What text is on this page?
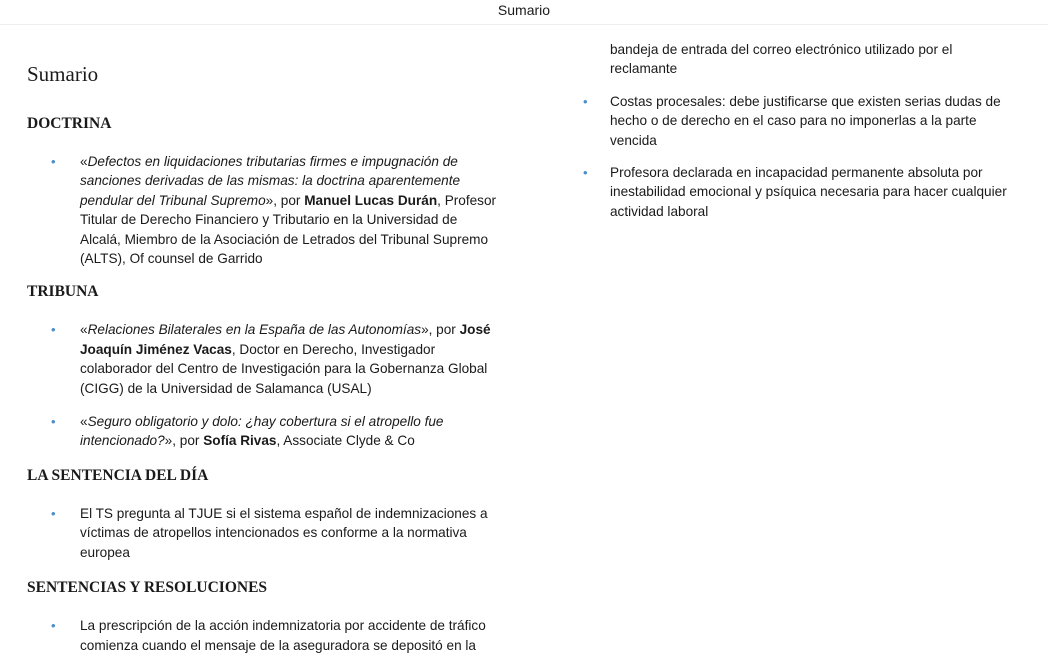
Sumario
Sumario
DOCTRINA
• «Defectos en liquidaciones tributarias firmes e impugnación de sanciones derivadas de las mismas: la doctrina aparentemente pendular del Tribunal Supremo», por Manuel Lucas Durán, Profesor Titular de Derecho Financiero y Tributario en la Universidad de Alcalá, Miembro de la Asociación de Letrados del Tribunal Supremo (ALTS), Of counsel de Garrido
TRIBUNA
• «Relaciones Bilaterales en la España de las Autonomías», por José Joaquín Jiménez Vacas, Doctor en Derecho, Investigador colaborador del Centro de Investigación para la Gobernanza Global (CIGG) de la Universidad de Salamanca (USAL)
• «Seguro obligatorio y dolo: ¿hay cobertura si el atropello fue intencionado?», por Sofía Rivas, Associate Clyde & Co
LA SENTENCIA DEL DÍA
• El TS pregunta al TJUE si el sistema español de indemnizaciones a víctimas de atropellos intencionados es conforme a la normativa europea
SENTENCIAS Y RESOLUCIONES
• La prescripción de la acción indemnizatoria por accidente de tráfico comienza cuando el mensaje de la aseguradora se depositó en la
bandeja de entrada del correo electrónico utilizado por el reclamante
• Costas procesales: debe justificarse que existen serias dudas de hecho o de derecho en el caso para no imponerlas a la parte vencida
• Profesora declarada en incapacidad permanente absoluta por inestabilidad emocional y psíquica necesaria para hacer cualquier actividad laboral
